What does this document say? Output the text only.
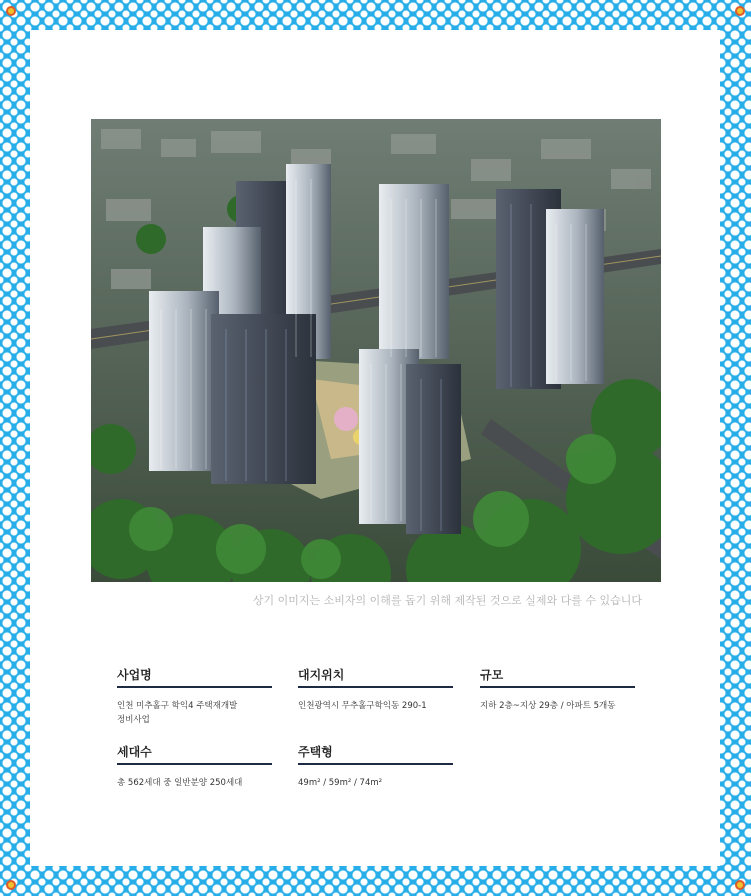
상기 이미지는 소비자의 이해를 돕기 위해 제작된 것으로 실제와 다를 수 있습니다
사업명
인천 미추홀구 학익4 주택재개발
정비사업
대지위치
인천광역시 무추홀구학익동 290-1
규모
지하 2층~지상 29층 / 아파트 5개동
세대수
총 562세대 중 일반분양 250세대
주택형
49m² / 59m² / 74m²
